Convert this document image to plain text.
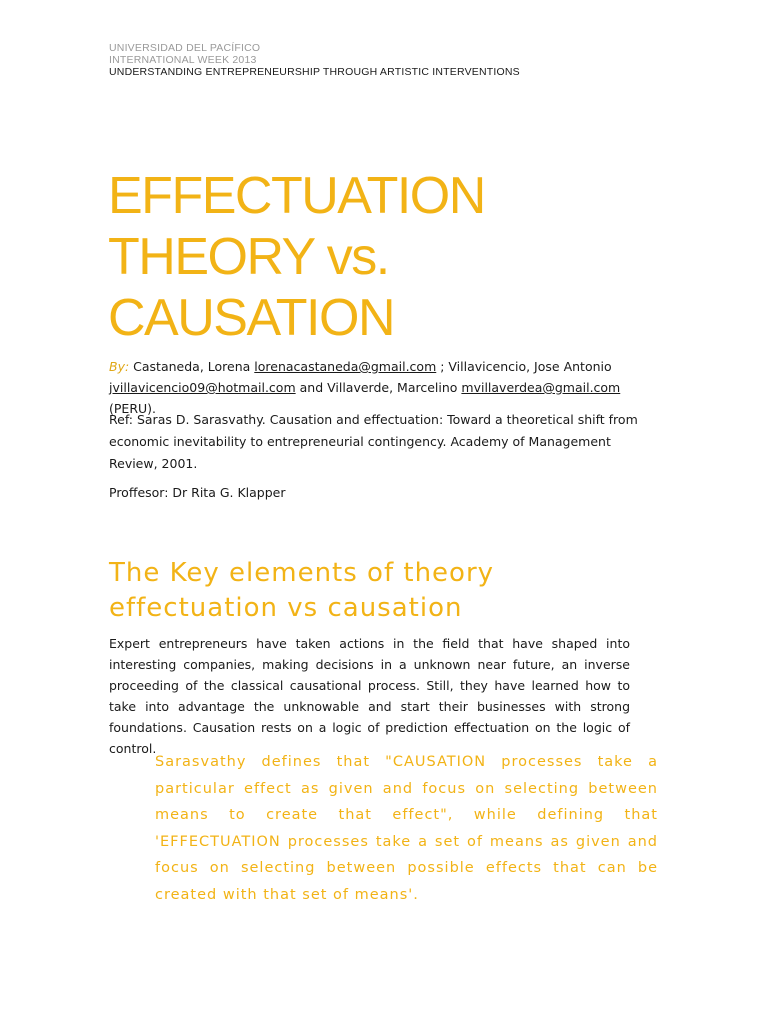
UNIVERSIDAD DEL PACÍFICO
INTERNATIONAL WEEK 2013
UNDERSTANDING ENTREPRENEURSHIP THROUGH ARTISTIC INTERVENTIONS
EFFECTUATION
THEORY vs.
CAUSATION
By: Castaneda, Lorena lorenacastaneda@gmail.com ; Villavicencio, Jose Antonio jvillavicencio09@hotmail.com and Villaverde, Marcelino mvillaverdea@gmail.com (PERU).
Ref: Saras D. Sarasvathy. Causation and effectuation: Toward a theoretical shift from economic inevitability to entrepreneurial contingency. Academy of Management Review, 2001.
Proffesor: Dr Rita G. Klapper
The Key elements of theory
effectuation vs causation

Expert entrepreneurs have taken actions in the field that have shaped into interesting companies, making decisions in a unknown near future, an inverse proceeding of the classical causational process. Still, they have learned how to take into advantage the unknowable and start their businesses with strong foundations. Causation rests on a logic of prediction effectuation on the logic of control.

Sarasvathy defines that "CAUSATION processes take a particular effect as given and focus on selecting between means to create that effect", while defining that 'EFFECTUATION processes take a set of means as given and focus on selecting between possible effects that can be created with that set of means'.
